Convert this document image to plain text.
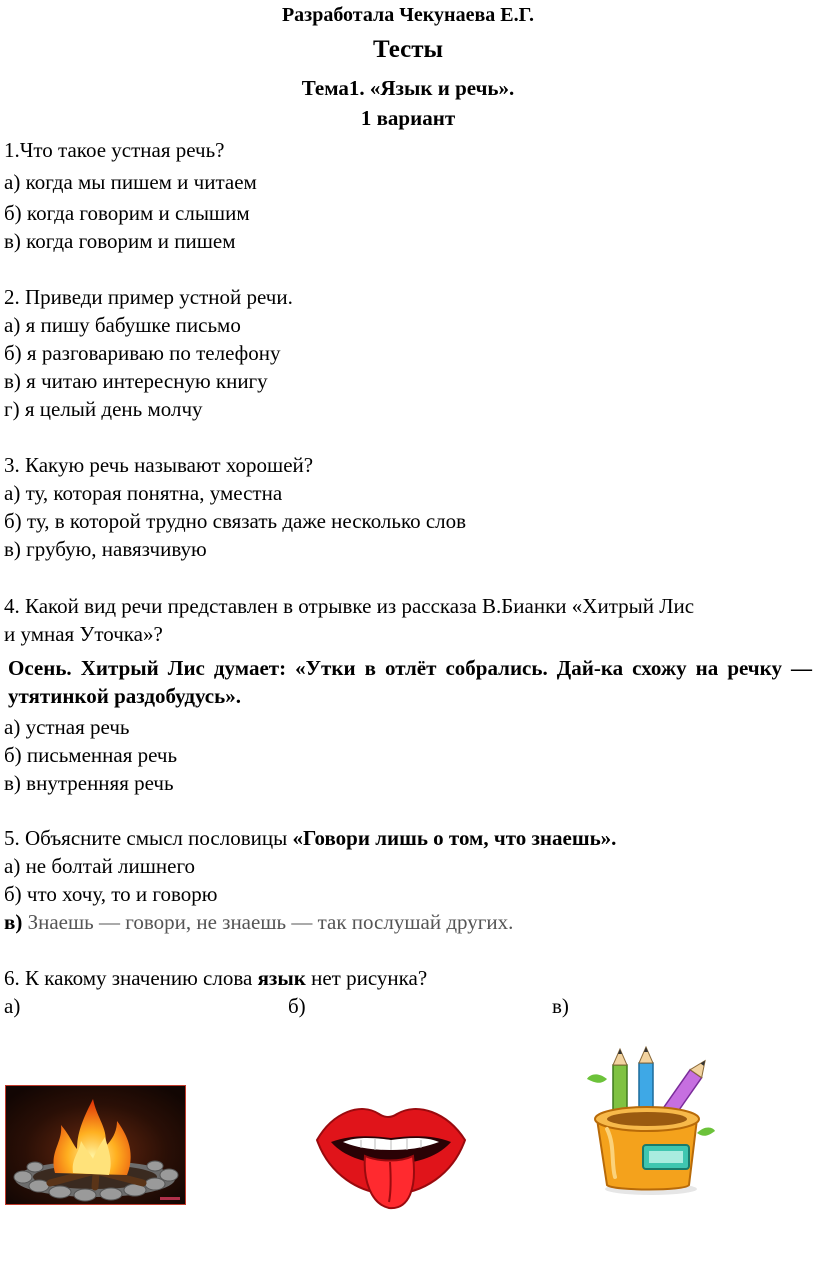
Разработала Чекунаева Е.Г.
Тесты
Тема1. «Язык и речь».
1 вариант
1.Что такое устная речь?
а) когда мы пишем и читаем
б) когда говорим и слышим
в) когда говорим и пишем
2. Приведи пример устной речи.
а) я пишу бабушке письмо
б) я разговариваю по телефону
в) я читаю интересную книгу
г) я целый день молчу
3. Какую речь называют хорошей?
а) ту, которая понятна, уместна
б) ту, в которой трудно связать даже несколько слов
в) грубую, навязчивую
4. Какой вид речи представлен в отрывке из рассказа В.Бианки «Хитрый Лис
и умная Уточка»?
Осень. Хитрый Лис думает: «Утки в отлёт собрались. Дай-ка схожу на речку — утятинкой раздобудусь».
а) устная речь
б) письменная речь
в) внутренняя речь
5. Объясните смысл пословицы «Говори лишь о том, что знаешь».
а) не болтай лишнего
б) что хочу, то и говорю
в) Знаешь — говори, не знаешь — так послушай других.
6. К какому значению слова язык нет рисунка?
а)	б)	в)
